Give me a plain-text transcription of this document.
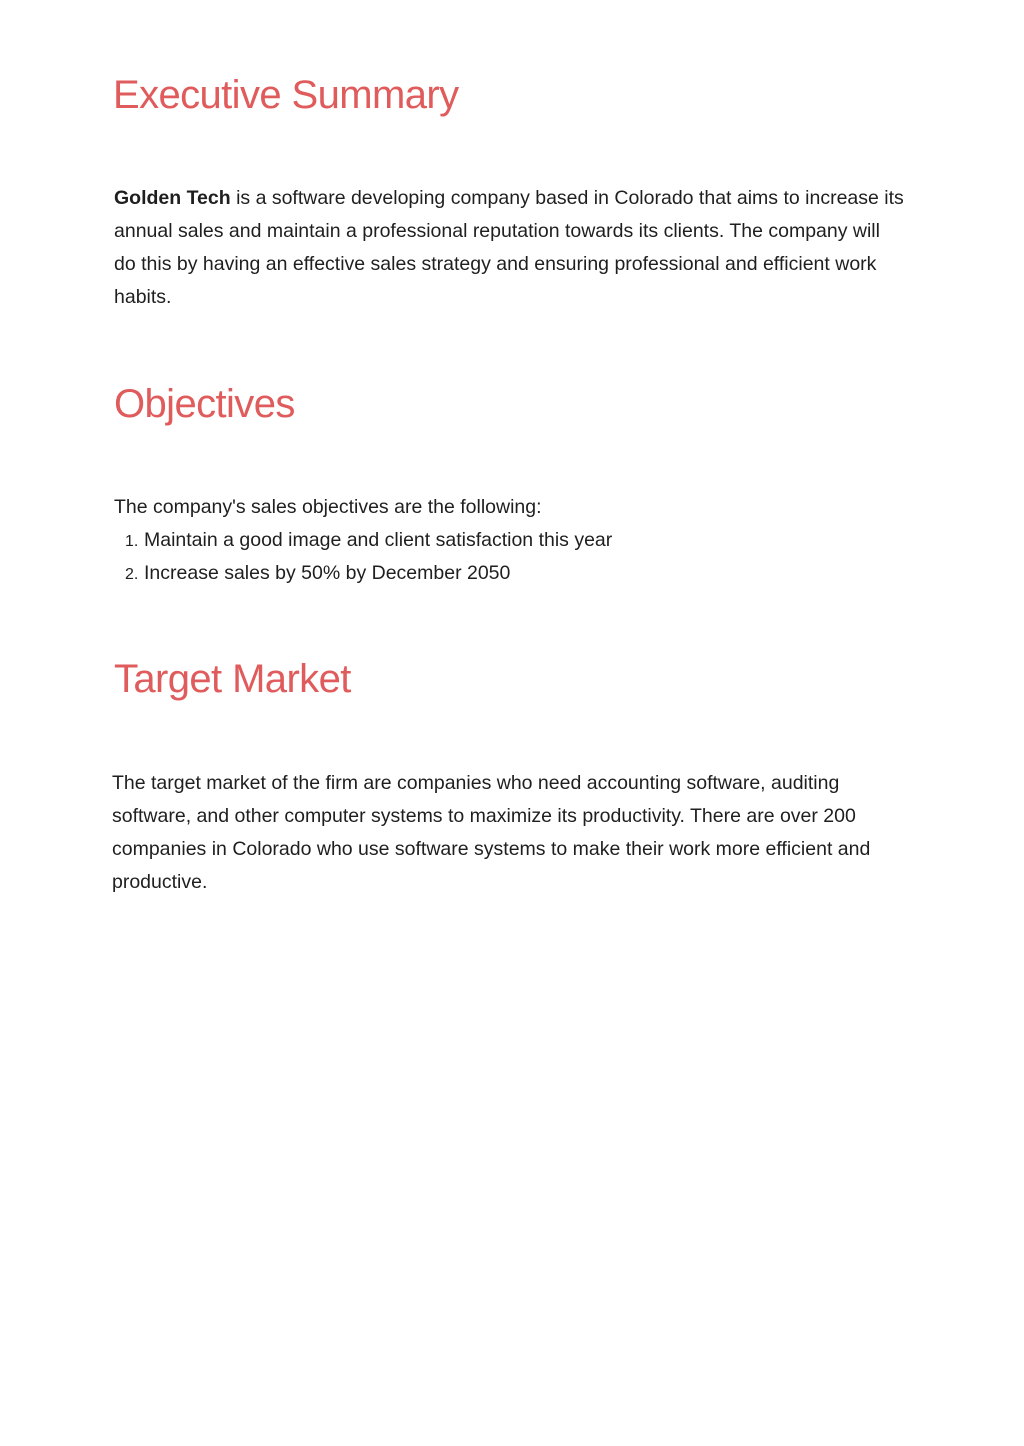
Executive Summary

Golden Tech is a software developing company based in Colorado that aims to increase its annual sales and maintain a professional reputation towards its clients. The company will do this by having an effective sales strategy and ensuring professional and efficient work habits.

Objectives

The company's sales objectives are the following:

1. Maintain a good image and client satisfaction this year
2. Increase sales by 50% by December 2050
Target Market

The target market of the firm are companies who need accounting software, auditing software, and other computer systems to maximize its productivity. There are over 200 companies in Colorado who use software systems to make their work more efficient and productive.
